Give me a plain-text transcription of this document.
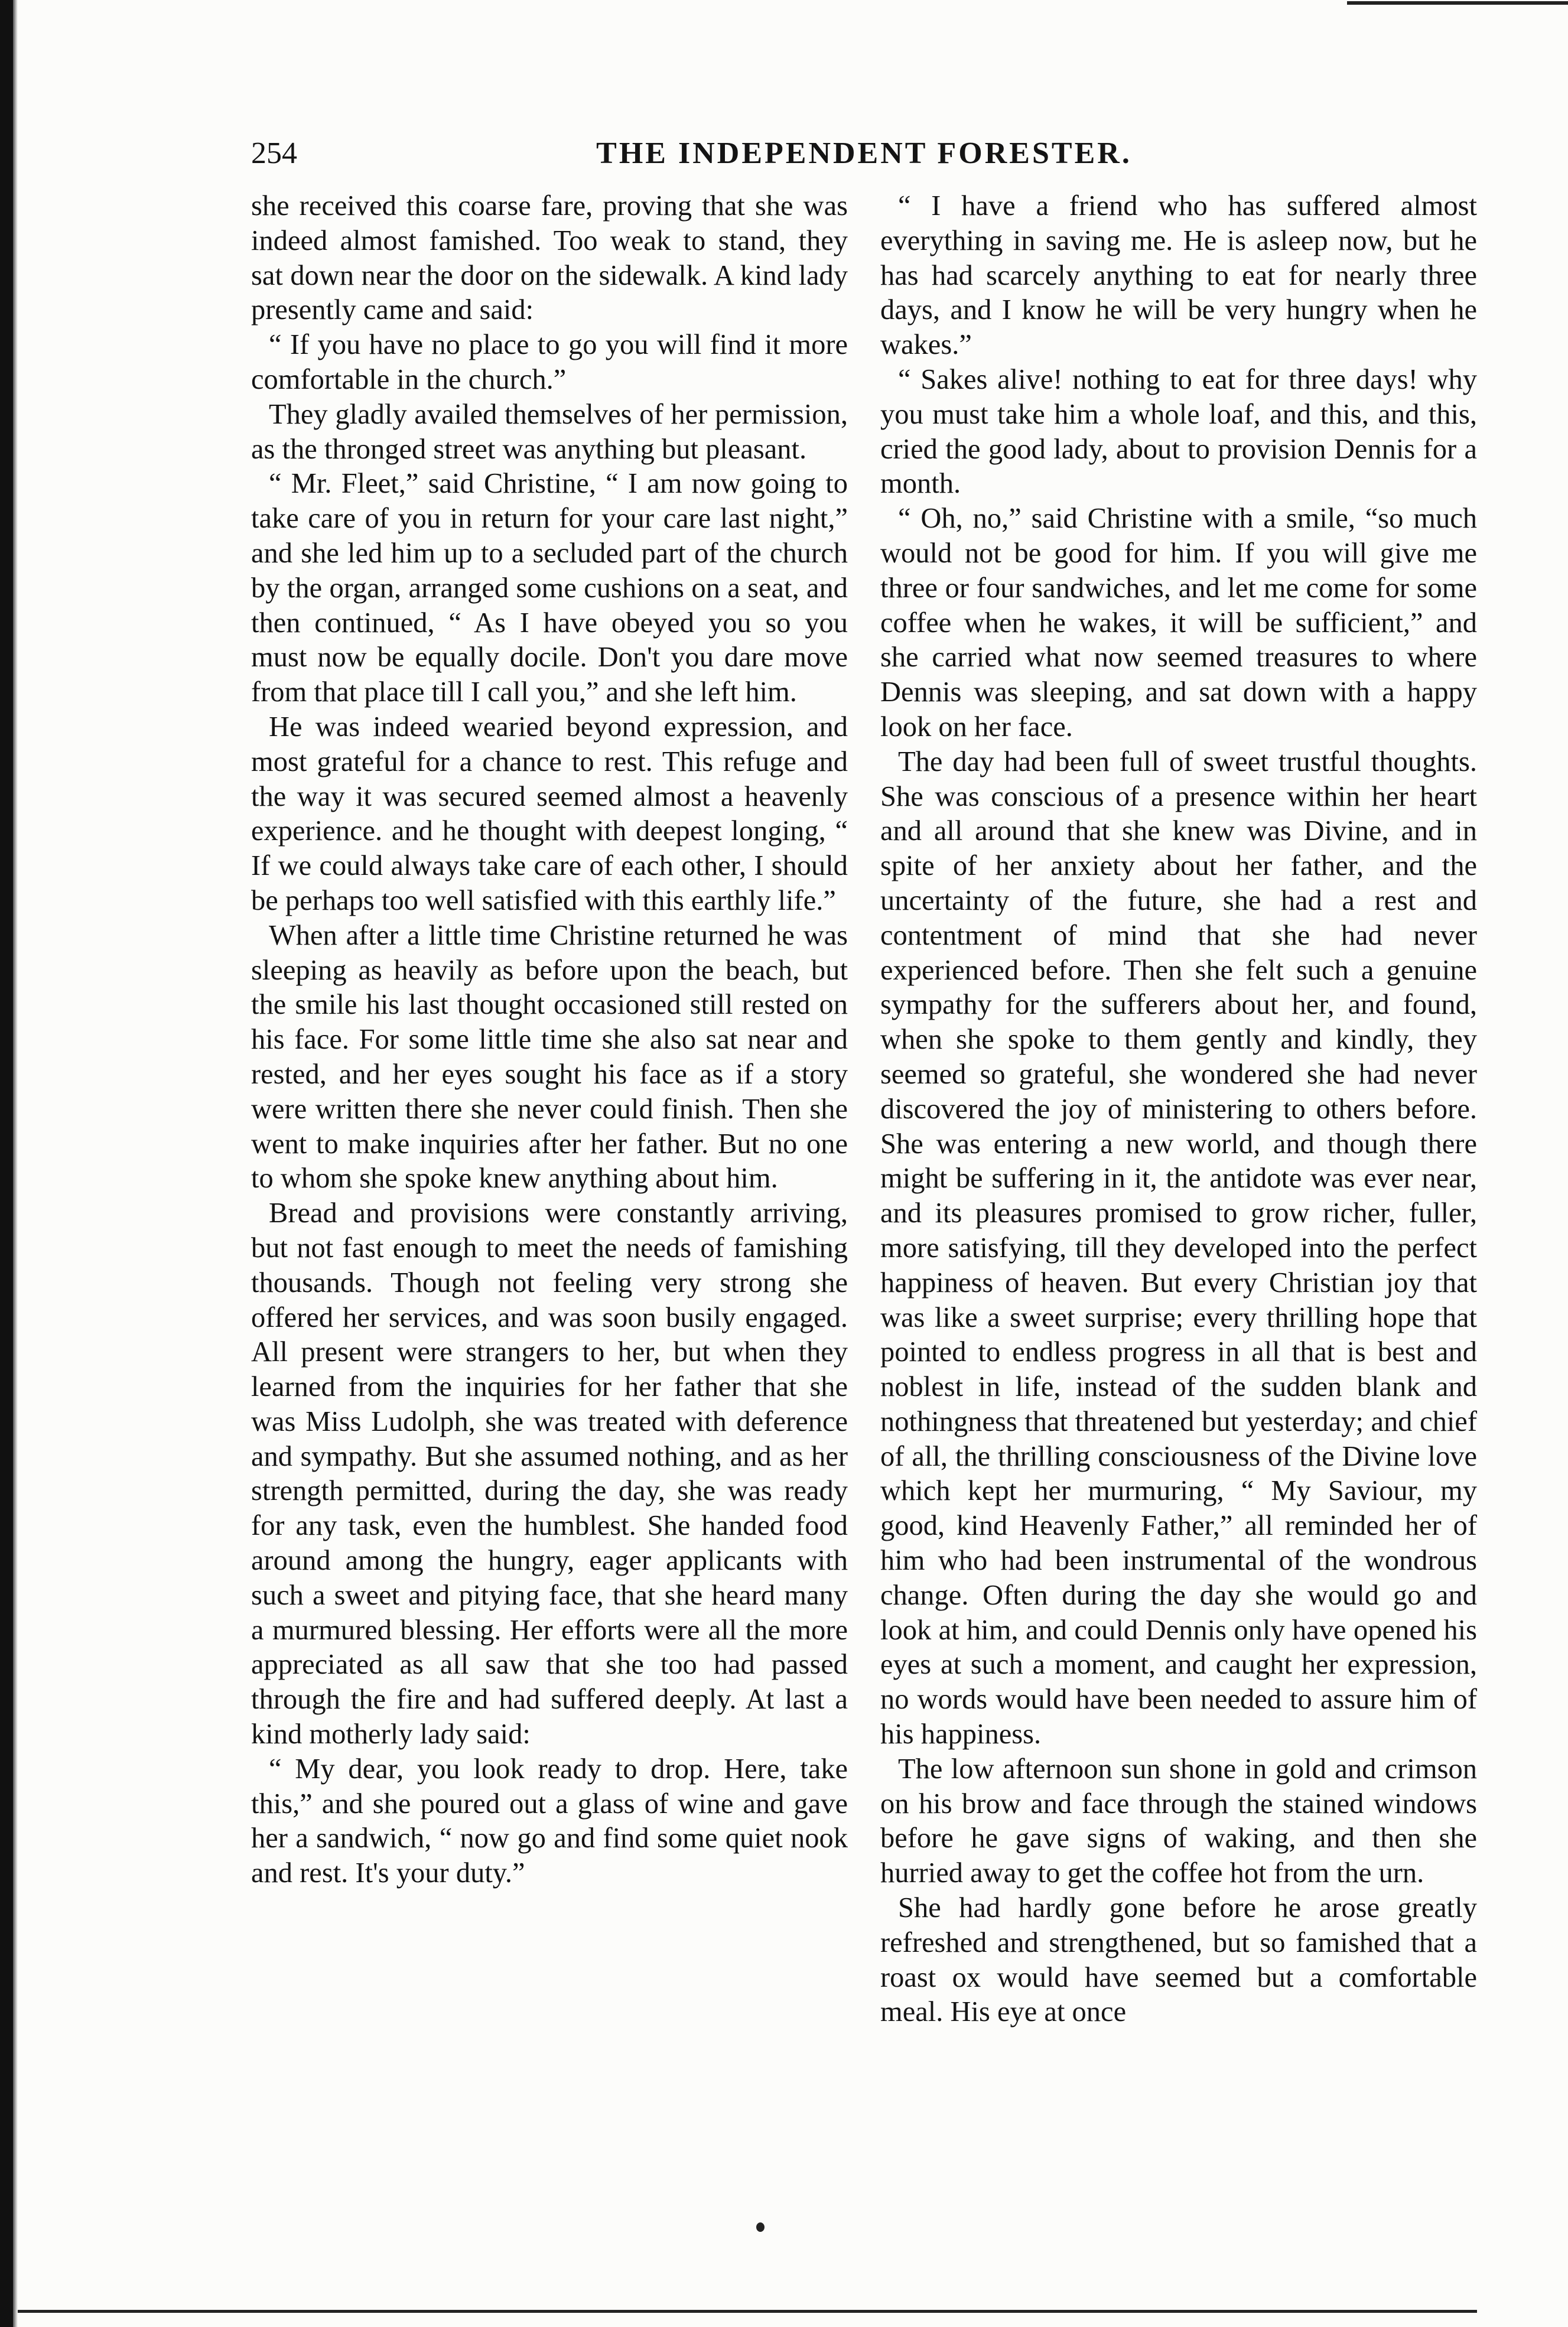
254	THE INDEPENDENT FORESTER.

she received this coarse fare, proving that she was indeed almost famished. Too weak to stand, they sat down near the door on the sidewalk. A kind lady presently came and said:

“ If you have no place to go you will find it more comfortable in the church.”

They gladly availed themselves of her permission, as the thronged street was anything but pleasant.

“ Mr. Fleet,” said Christine, “ I am now going to take care of you in return for your care last night,” and she led him up to a secluded part of the church by the organ, arranged some cushions on a seat, and then continued, “ As I have obeyed you so you must now be equally docile. Don't you dare move from that place till I call you,” and she left him.

He was indeed wearied beyond expression, and most grateful for a chance to rest. This refuge and the way it was secured seemed almost a heavenly experience. and he thought with deepest longing, “ If we could always take care of each other, I should be perhaps too well satisfied with this earthly life.”

When after a little time Christine returned he was sleeping as heavily as before upon the beach, but the smile his last thought occasioned still rested on his face. For some little time she also sat near and rested, and her eyes sought his face as if a story were written there she never could finish. Then she went to make inquiries after her father. But no one to whom she spoke knew anything about him.

Bread and provisions were constantly arriving, but not fast enough to meet the needs of famishing thousands. Though not feeling very strong she offered her services, and was soon busily engaged. All present were strangers to her, but when they learned from the inquiries for her father that she was Miss Ludolph, she was treated with deference and sympathy. But she assumed nothing, and as her strength permitted, during the day, she was ready for any task, even the humblest. She handed food around among the hungry, eager applicants with such a sweet and pitying face, that she heard many a murmured blessing. Her efforts were all the more appreciated as all saw that she too had passed through the fire and had suffered deeply. At last a kind motherly lady said:

“ My dear, you look ready to drop. Here, take this,” and she poured out a glass of wine and gave her a sandwich, “ now go and find some quiet nook and rest. It's your duty.”

“ I have a friend who has suffered almost everything in saving me. He is asleep now, but he has had scarcely anything to eat for nearly three days, and I know he will be very hungry when he wakes.”

“ Sakes alive! nothing to eat for three days! why you must take him a whole loaf, and this, and this, cried the good lady, about to provision Dennis for a month.

“ Oh, no,” said Christine with a smile, “so much would not be good for him. If you will give me three or four sandwiches, and let me come for some coffee when he wakes, it will be sufficient,” and she carried what now seemed treasures to where Dennis was sleeping, and sat down with a happy look on her face.

The day had been full of sweet trustful thoughts. She was conscious of a presence within her heart and all around that she knew was Divine, and in spite of her anxiety about her father, and the uncertainty of the future, she had a rest and contentment of mind that she had never experienced before. Then she felt such a genuine sympathy for the sufferers about her, and found, when she spoke to them gently and kindly, they seemed so grateful, she wondered she had never discovered the joy of ministering to others before. She was entering a new world, and though there might be suffering in it, the antidote was ever near, and its pleasures promised to grow richer, fuller, more satisfying, till they developed into the perfect happiness of heaven. But every Christian joy that was like a sweet surprise; every thrilling hope that pointed to endless progress in all that is best and noblest in life, instead of the sudden blank and nothingness that threatened but yesterday; and chief of all, the thrilling consciousness of the Divine love which kept her murmuring, “ My Saviour, my good, kind Heavenly Father,” all reminded her of him who had been instrumental of the wondrous change. Often during the day she would go and look at him, and could Dennis only have opened his eyes at such a moment, and caught her expression, no words would have been needed to assure him of his happiness.

The low afternoon sun shone in gold and crimson on his brow and face through the stained windows before he gave signs of waking, and then she hurried away to get the coffee hot from the urn.

She had hardly gone before he arose greatly refreshed and strengthened, but so famished that a roast ox would have seemed but a comfortable meal. His eye at once
